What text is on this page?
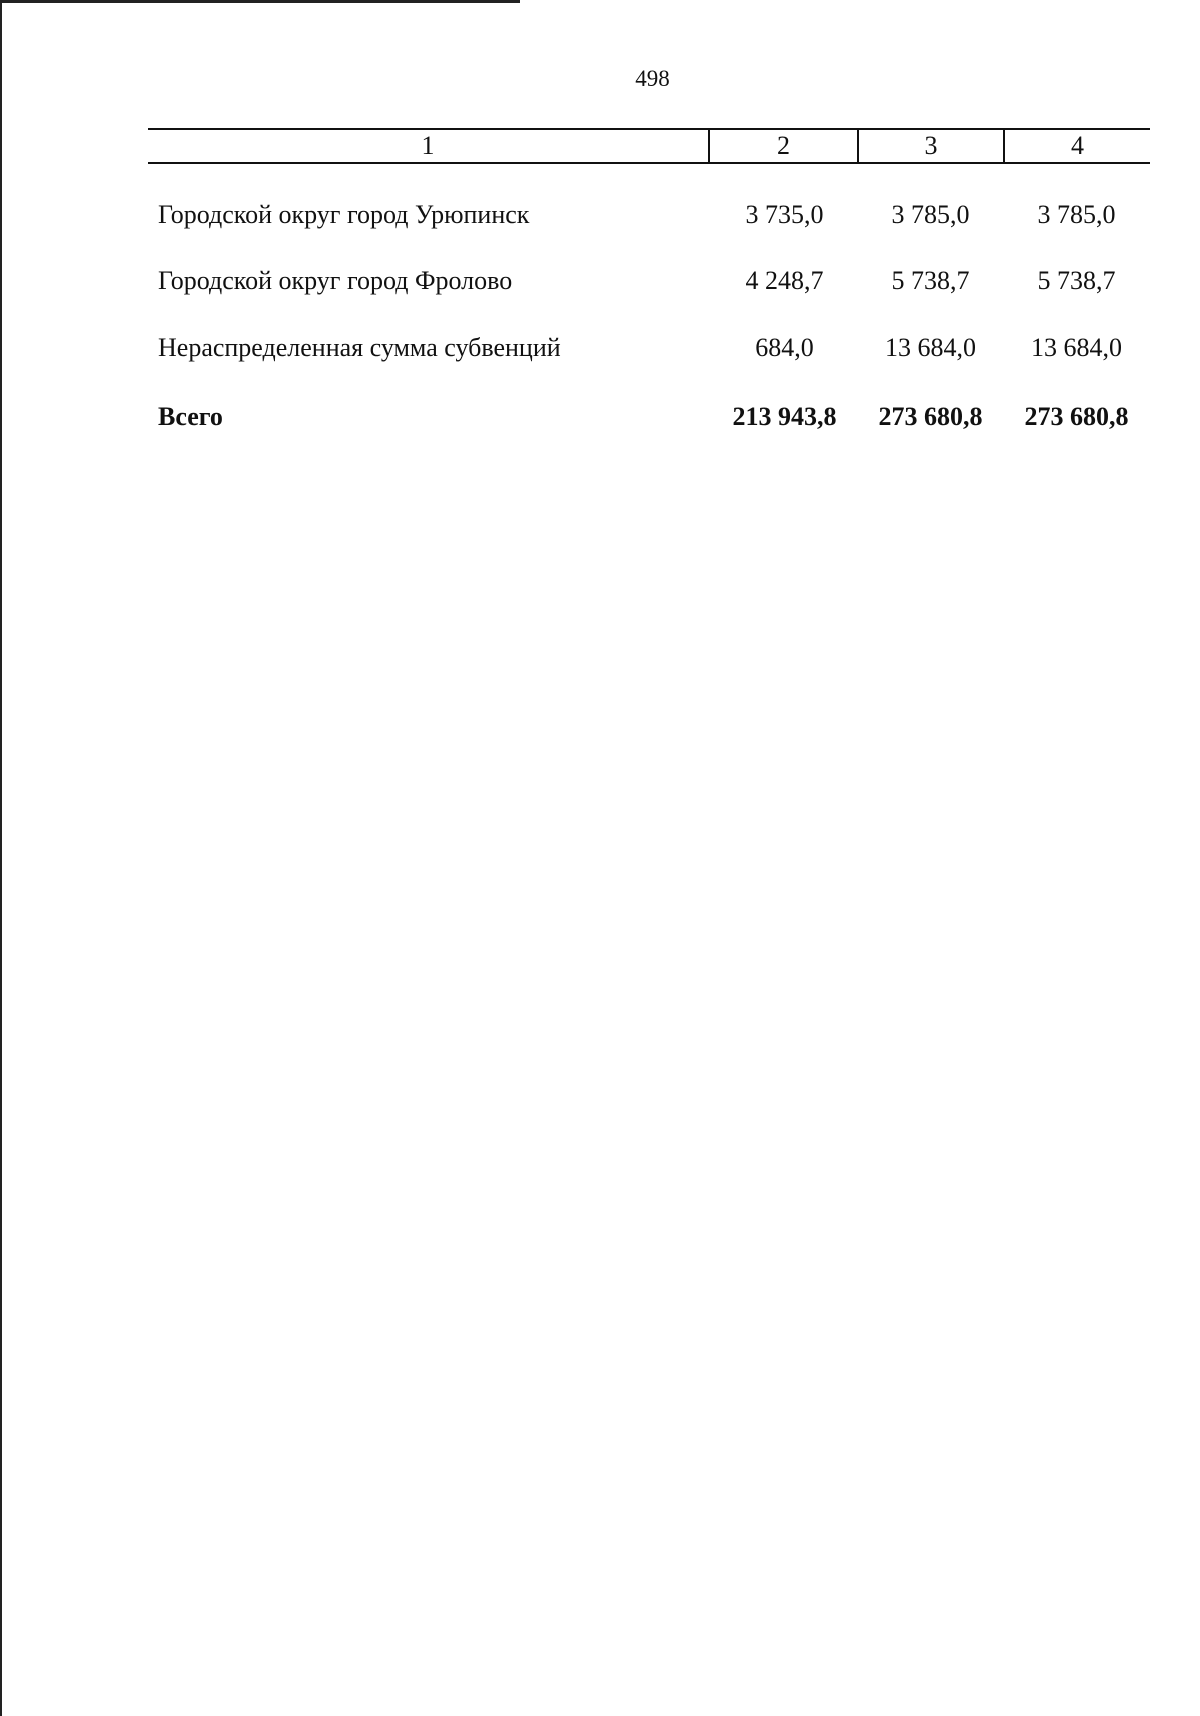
498
1	2	3	4
Городской округ город Урюпинск	3 735,0	3 785,0	3 785,0
Городской округ город Фролово	4 248,7	5 738,7	5 738,7
Нераспределенная сумма субвенций	684,0	13 684,0	13 684,0
Всего	213 943,8	273 680,8	273 680,8
